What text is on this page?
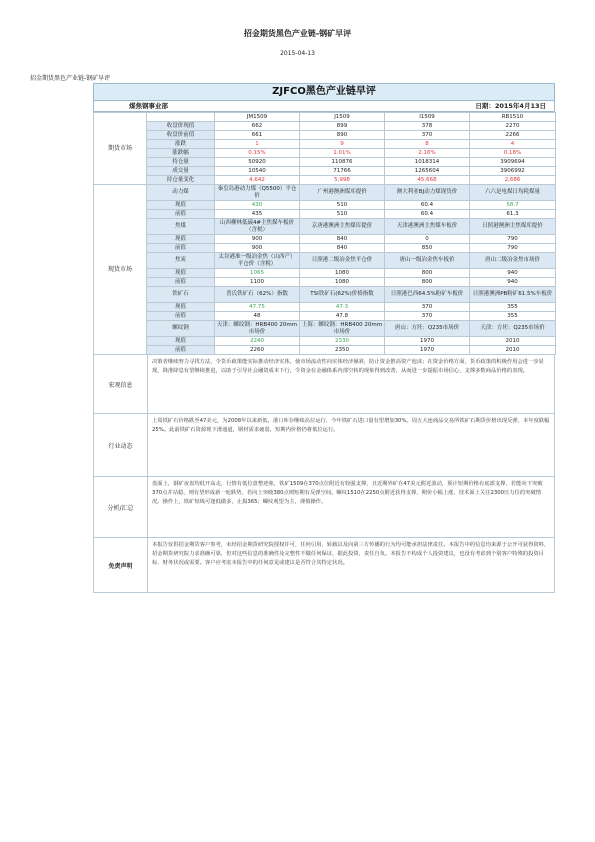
招金期货黑色产业链-钢矿早评
2015-04-13
招金期货黑色产业链-钢矿早评
ZJFCO黑色产业链早评
煤焦钢事业部	日期：2015年4月13日
期货市场		JM1509	J1509	I1509	RB1510
	收盘价现值	662	899	378	2270
	收盘价前值	661	890	370	2266
	涨跌	1	9	8	4
	涨跌幅	0.15%	1.01%	2.16%	0.18%
	持仓量	50920	110876	1018314	3909694
	成交量	10540	71766	1265604	3906992
	持仓量变化	4,642	5,998	45,668	2,686
现货市场	动力煤	秦皇岛港动力煤（Q5500）平仓价	广州港澳洲煤库提价	澳大利亚BJ动力煤现货价	六六是电煤日均耗煤量
	现值	430	510	60.4	58.7
	前值	435	510	60.4	61.3
	焦煤	山西柳林低硫4#主焦煤车板价（含税）	京唐港澳洲主焦煤库提价	天津港澳洲主焦煤车板价	日照港澳洲主焦煤库提价
	现值	900	840	0	790
	前值	900	840	850	790
	焦炭	太谷港准一级冶金焦（山西产）平仓价（含税）	日照港二级冶金焦平仓价	唐山一级冶金焦车板价	唐山二级冶金焦市场价
	现值	1065	1080	800	940
	前值	1100	1080	800	940
	铁矿石	普氏铁矿石（62%）指数	TSI铁矿石(62%)价格指数	日照港巴西64.5%粉矿车板价	日照港澳洲PB粉矿61.5%车板价
	现值	47.75	47.3	370	355
	前值	48	47.8	370	355
	螺纹钢	天津：螺纹钢：HRB400 20mm市场价	上海：螺纹钢：HRB400 20mm市场价	唐山：方坯：Q235市场价	天津：方坯：Q235市场价
	现值	2240	2330	1970	2010
	前值	2260	2350	1970	2010
宏观信息
决策者继续努力寻找方法，令货币政策能实际推动经济实体，使市场流动性向实体经济倾斜，防止资金推高资产泡沫；在资金价格方面，货币政策的积极作用会进一步显现，降准降息有望继续推进，以助于引导社会融资成本下行，令资金在金融体系内部空转的现象得到改善，从而进一步提振市场信心，支撑多数商品价格的表现。
行业动态
上周铁矿石价格跌至47美元，为2008年以来新低，港口库存继续高位运行，今年铁矿石进口量有望增加30%。周五大连商品交易所铁矿石期货价格出现反弹，本年度跌幅25%。此前铁矿石资源现下滑通道，钢材需求疲弱，短期内价格仍将低位运行。
分析/汇总
盘面上，钢矿夜盘均低开高走，行情有低位盘整迹象，铁矿1509在370点位附近有较强支撑，且近期外矿在47美元附近波动，预计短期价格有底部支撑，若能向下突破370点并站稳，则有望形成新一轮跌势，若向上突破380点则短期有反弹空间。螺纹1510在2250点附近获得支撑，期价小幅上涨，技术面上关注2300压力位的突破情况。操作上，铁矿短线可逢低做多，止损365；螺纹观望为主，谨慎操作。
免责声明
本报告仅供招金期货客户参考，未经招金期货研究院授权许可，任何引用、转载以及向第三方传播的行为均可能承担法律责任。本报告中的信息均来源于公开可获得资料，招金期货研究院力求准确可靠，但对这些信息的准确性及完整性不做任何保证，据此投资，责任自负。本报告不构成个人投资建议，也没有考虑到个别客户特殊的投资目标、财务状况或需要。客户应考虑本报告中的任何意见或建议是否符合其特定状况。
